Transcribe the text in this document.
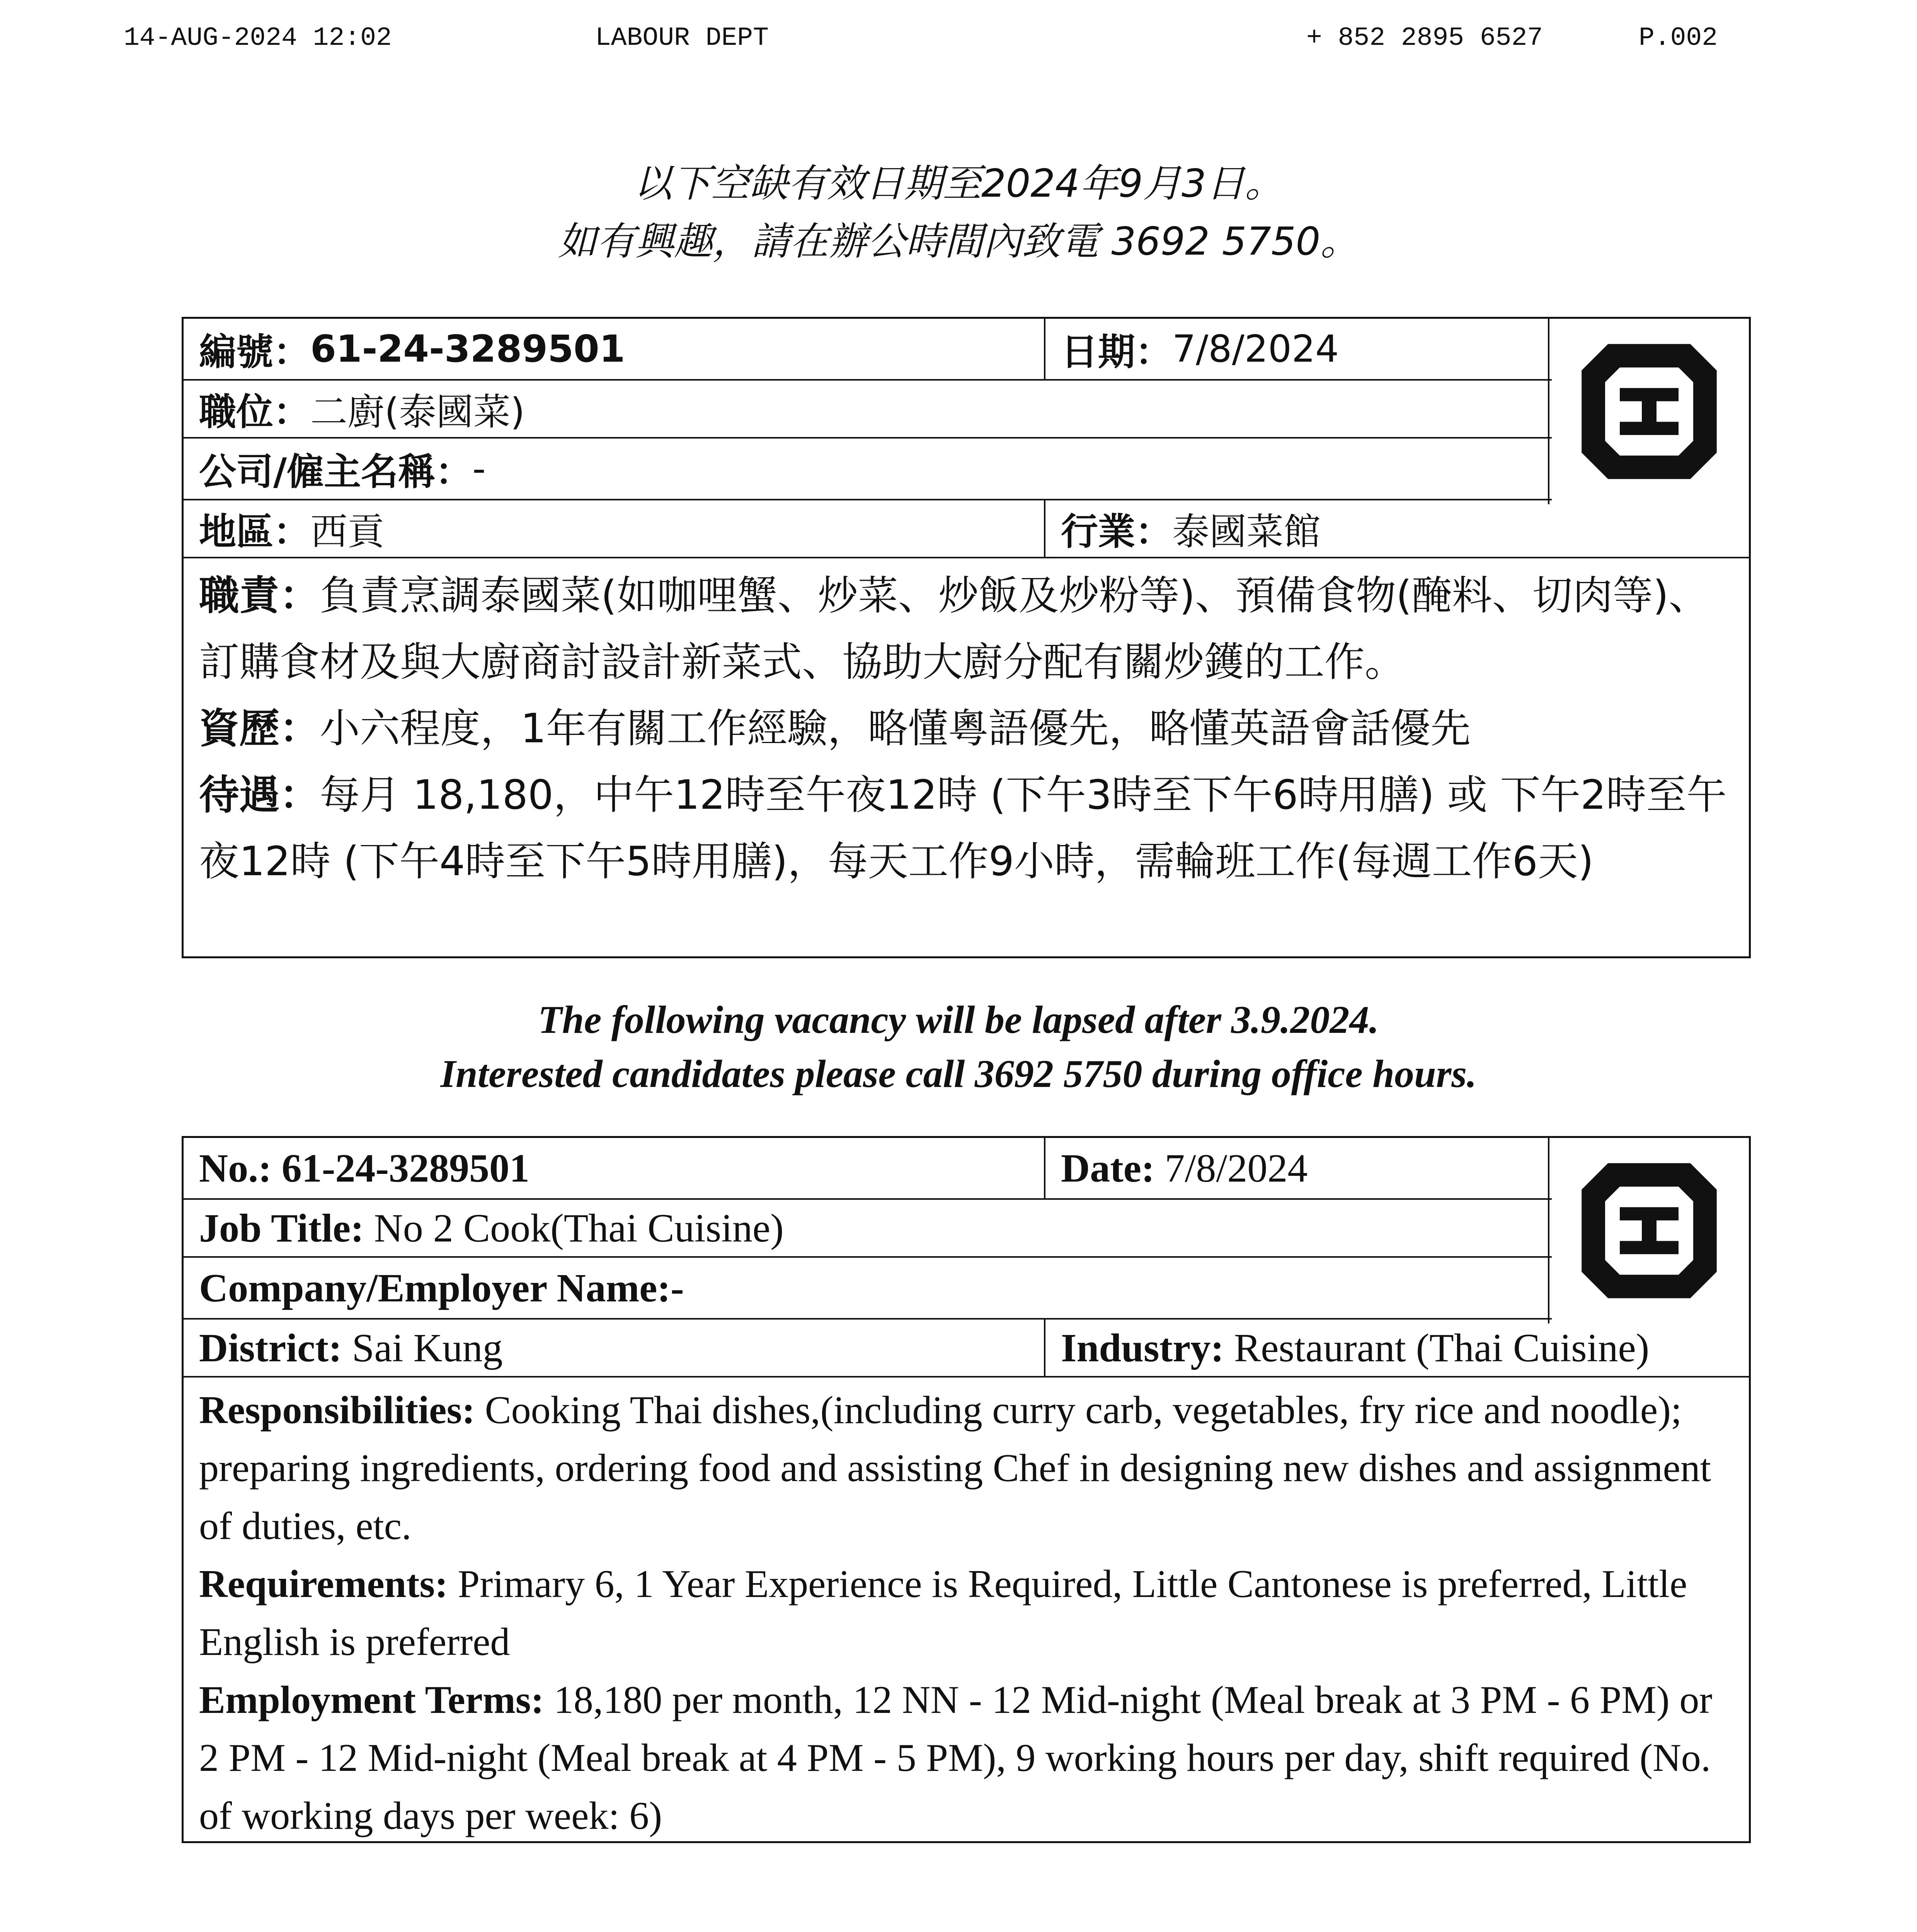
14-AUG-2024 12:02	LABOUR DEPT	+ 852 2895 6527	P.002
以下空缺有效日期至2024年9月3日。
如有興趣，請在辦公時間內致電 3692 5750。
編號： 61-24-3289501	日期： 7/8/2024
職位： 二廚(泰國菜)
公司/僱主名稱： -
地區： 西貢	行業： 泰國菜館

職責：負責烹調泰國菜(如咖哩蟹、炒菜、炒飯及炒粉等)、預備食物(醃料、切肉等)、訂購食材及與大廚商討設計新菜式、協助大廚分配有關炒鑊的工作。

資歷：小六程度，1年有關工作經驗，略懂粵語優先，略懂英語會話優先

待遇：每月 18,180，中午12時至午夜12時 (下午3時至下午6時用膳) 或 下午2時至午夜12時 (下午4時至下午5時用膳)，每天工作9小時，需輪班工作(每週工作6天)

The following vacancy will be lapsed after 3.9.2024.
Interested candidates please call 3692 5750 during office hours.
No.:
61-24-3289501	Date:
7/8/2024
Job Title:
No 2 Cook(Thai Cuisine)
Company/Employer Name: -
District:
Sai Kung	Industry:
Restaurant (Thai Cuisine)

Responsibilities: Cooking Thai dishes,(including curry carb, vegetables, fry rice and noodle); preparing ingredients, ordering food and assisting Chef in designing new dishes and assignment of duties, etc.

Requirements: Primary 6, 1 Year Experience is Required, Little Cantonese is preferred, Little English is preferred

Employment Terms: 18,180 per month, 12 NN - 12 Mid-night (Meal break at 3 PM - 6 PM) or 2 PM - 12 Mid-night (Meal break at 4 PM - 5 PM), 9 working hours per day, shift required (No. of working days per week: 6)
